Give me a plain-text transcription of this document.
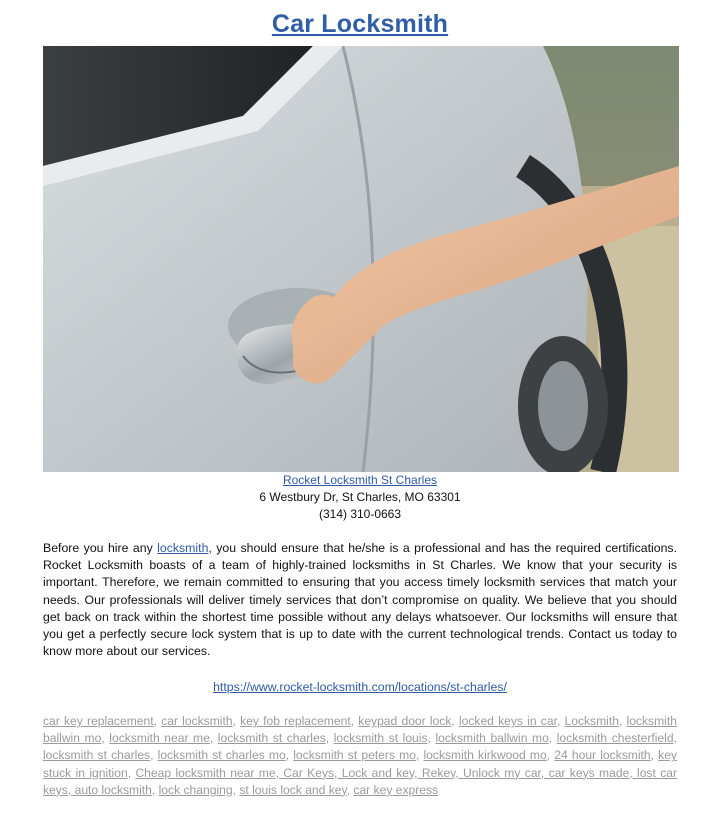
Car Locksmith
Rocket Locksmith St Charles
6 Westbury Dr, St Charles, MO 63301
(314) 310-0663
Before you hire any locksmith, you should ensure that he/she is a professional and has the required certifications. Rocket Locksmith boasts of a team of highly-trained locksmiths in St Charles. We know that your security is important. Therefore, we remain committed to ensuring that you access timely locksmith services that match your needs. Our professionals will deliver timely services that don’t compromise on quality. We believe that you should get back on track within the shortest time possible without any delays whatsoever. Our locksmiths will ensure that you get a perfectly secure lock system that is up to date with the current technological trends. Contact us today to know more about our services.
https://www.rocket-locksmith.com/locations/st-charles/
car key replacement, car locksmith, key fob replacement, keypad door lock, locked keys in car, Locksmith, locksmith ballwin mo, locksmith near me, locksmith st charles, locksmith st louis, locksmith ballwin mo, locksmith chesterfield, locksmith st charles, locksmith st charles mo, locksmith st peters mo, locksmith kirkwood mo, 24 hour locksmith, key stuck in ignition, Cheap locksmith near me, Car Keys, Lock and key, Rekey, Unlock my car, car keys made, lost car keys, auto locksmith, lock changing, st louis lock and key, car key express
